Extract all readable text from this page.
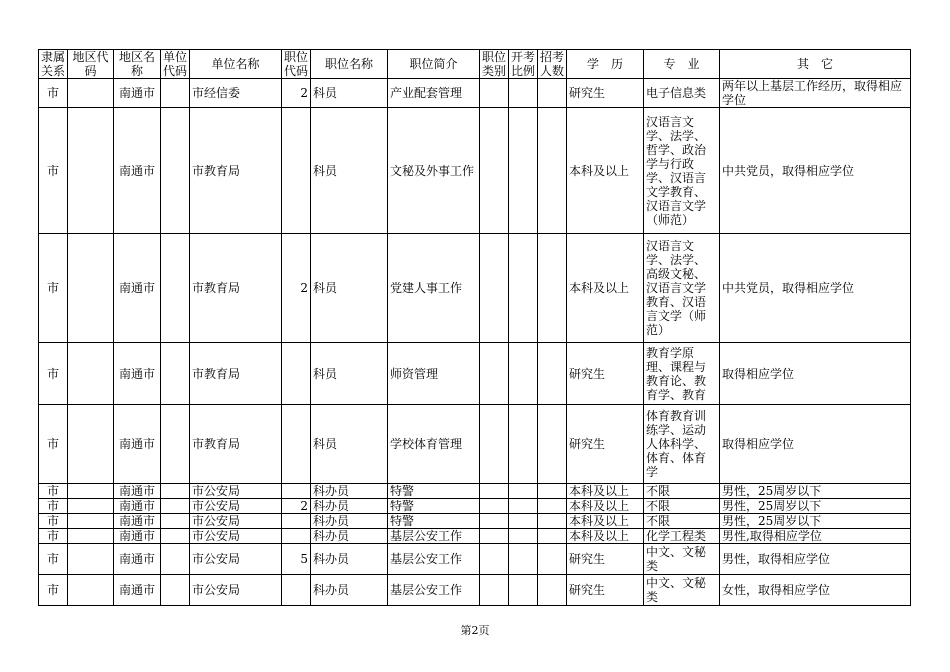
隶属关系	地区代码	地区名称	单位代码	单位名称	职位代码	职位名称	职位简介	职位类别	开考比例	招考人数	学　历	专　业	其　它
市		南通市		市经信委	2	科员	产业配套管理				研究生	电子信息类	两年以上基层工作经历，取得相应学位
市		南通市		市教育局		科员	文秘及外事工作				本科及以上	汉语言文学、法学、哲学、政治学与行政学、汉语言文学教育、汉语言文学（师范）	中共党员，取得相应学位
市		南通市		市教育局	2	科员	党建人事工作				本科及以上	汉语言文学、法学、高级文秘、汉语言文学教育、汉语言文学（师范）	中共党员，取得相应学位
市		南通市		市教育局		科员	师资管理				研究生	教育学原理、课程与教育论、教育学、教育	取得相应学位
市		南通市		市教育局		科员	学校体育管理				研究生	体育教育训练学、运动人体科学、体育、体育学	取得相应学位
市		南通市		市公安局		科办员	特警				本科及以上	不限	男性，25周岁以下
市		南通市		市公安局	2	科办员	特警				本科及以上	不限	男性，25周岁以下
市		南通市		市公安局		科办员	特警				本科及以上	不限	男性，25周岁以下
市		南通市		市公安局		科办员	基层公安工作				本科及以上	化学工程类	男性,取得相应学位
市		南通市		市公安局	5	科办员	基层公安工作				研究生	中文、文秘类	男性，取得相应学位
市		南通市		市公安局		科办员	基层公安工作				研究生	中文、文秘类	女性，取得相应学位
第2页
